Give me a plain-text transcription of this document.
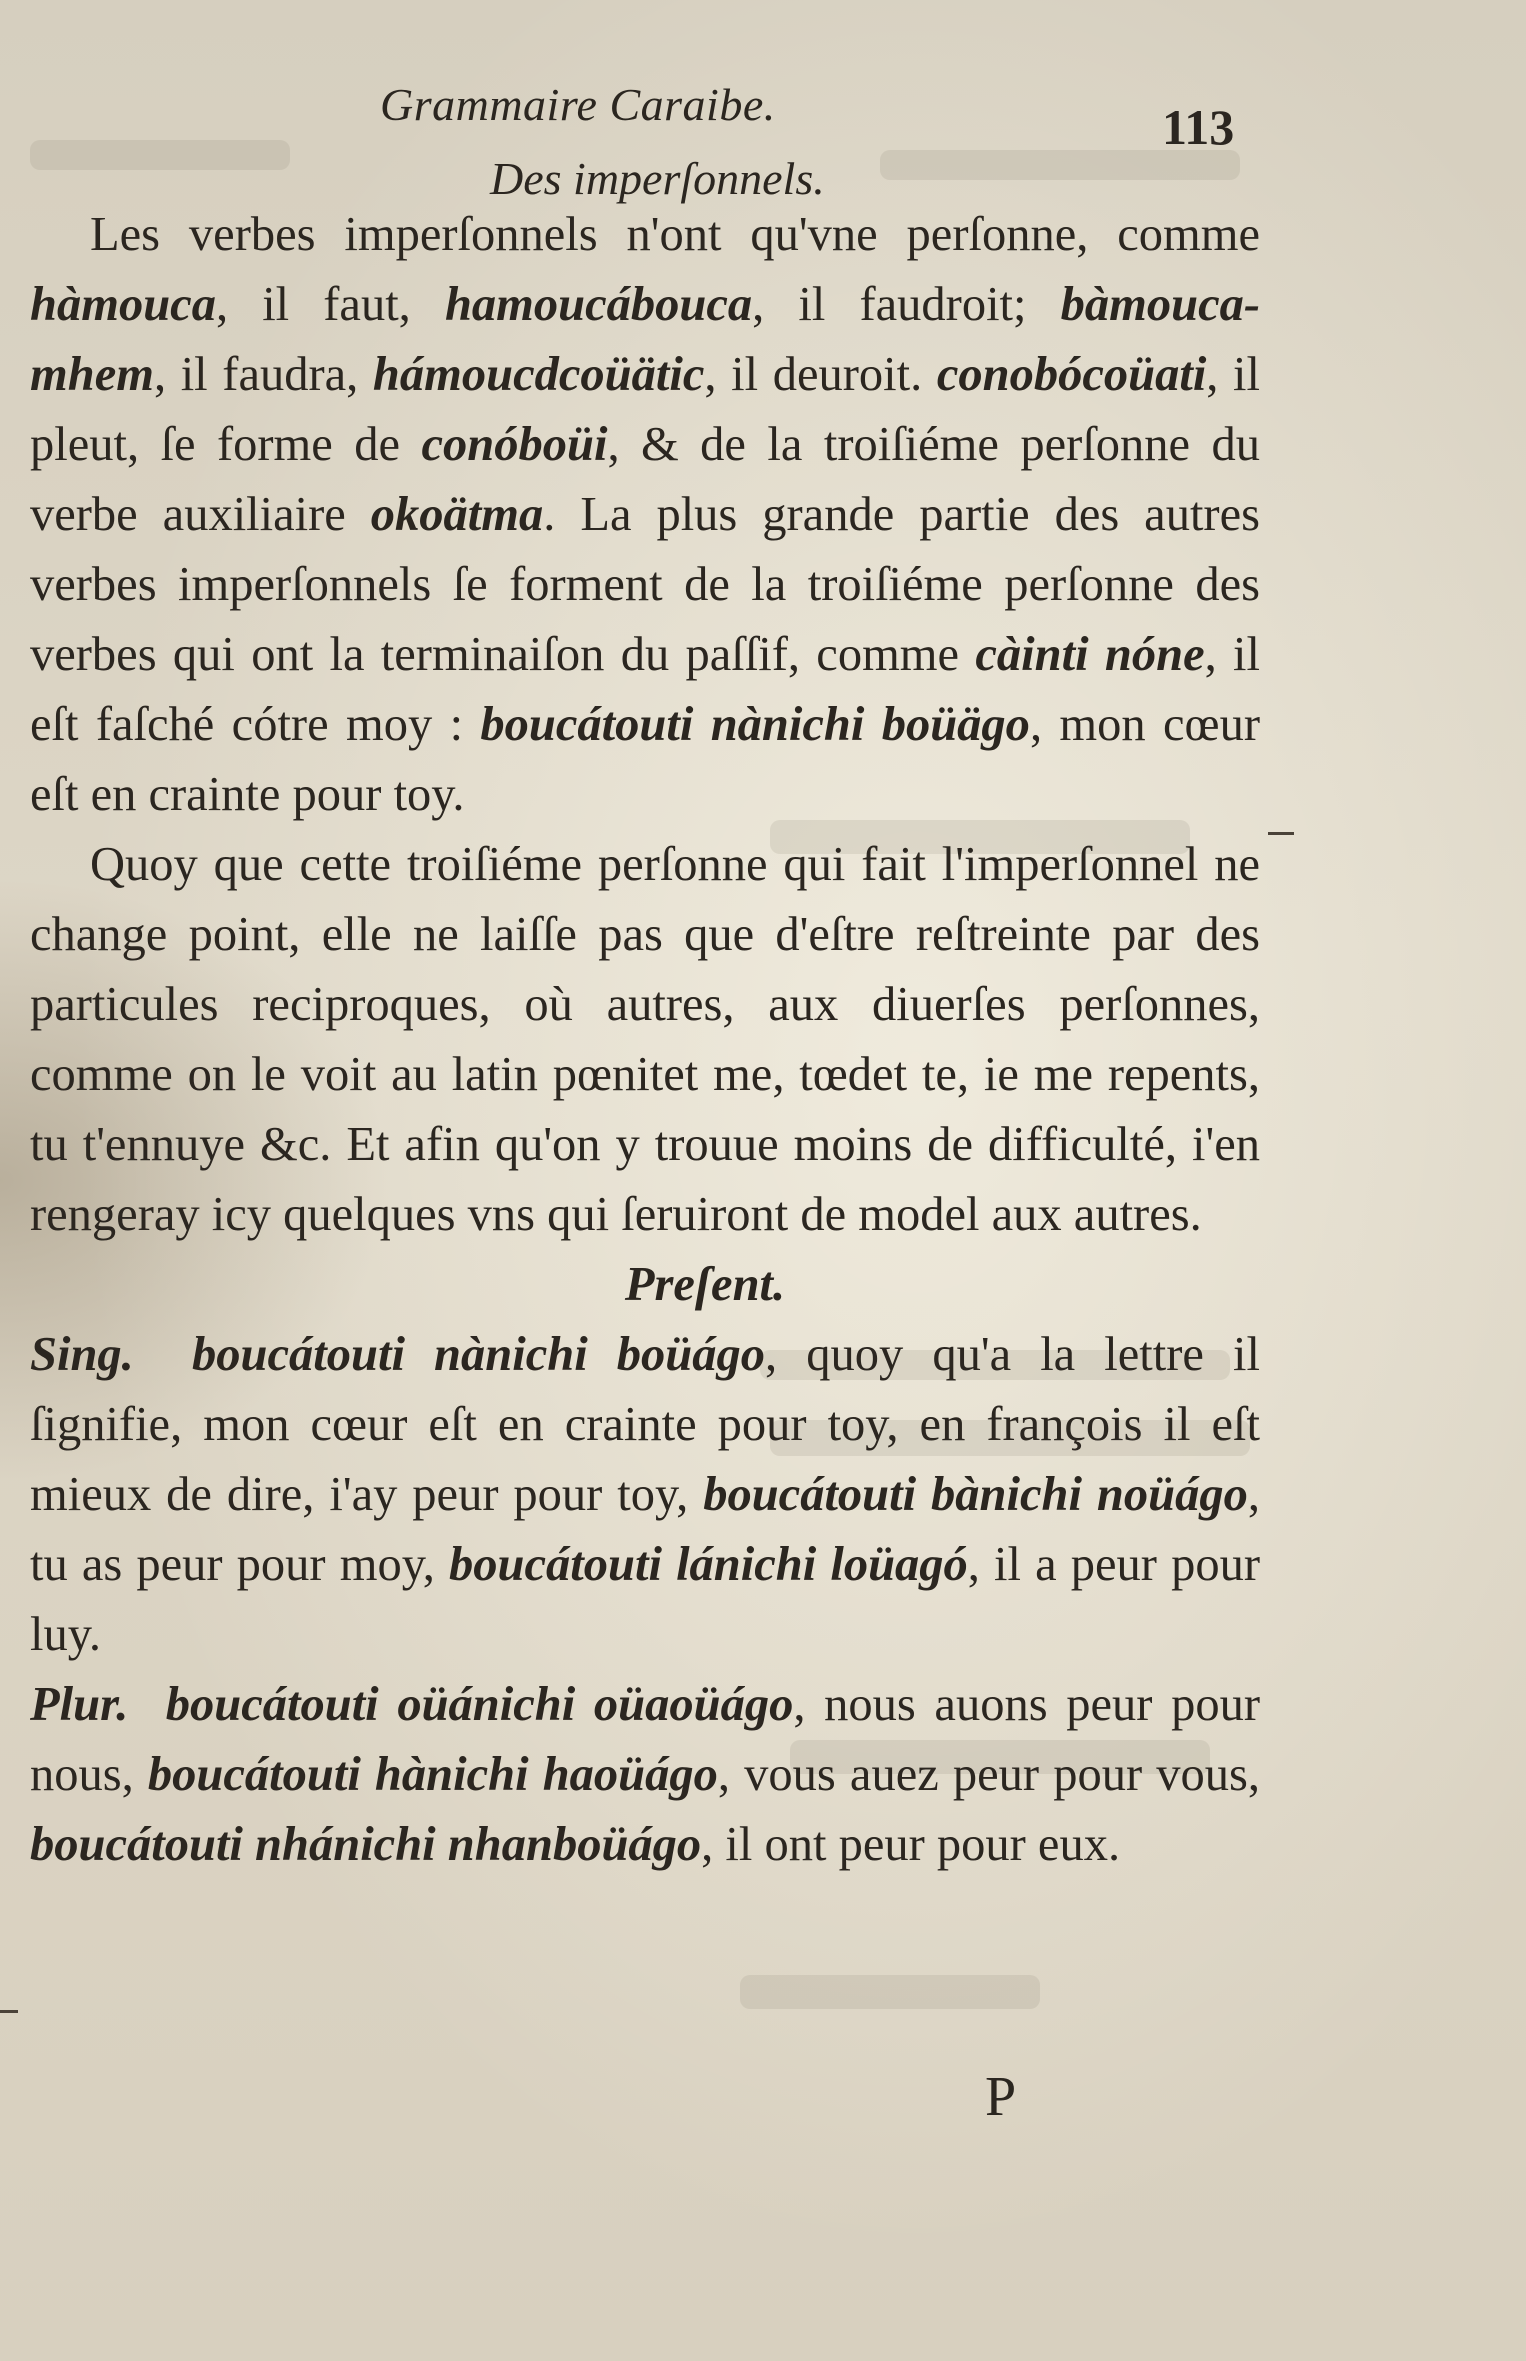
Grammaire Caraibe.	113
Des imperſonnels.

Les verbes imperſonnels n'ont qu'vne perſonne, comme hàmouca, il faut, hamoucábouca, il faudroit; bàmouca-mhem, il faudra, hámoucdcoüätic, il deuroit. conobócoüati, il pleut, ſe forme de conóboüi, & de la troiſiéme perſonne du verbe auxiliaire okoätma. La plus grande partie des autres verbes imperſonnels ſe forment de la troiſiéme perſonne des verbes qui ont la terminaiſon du paſſif, comme càinti nóne, il eſt faſché cótre moy : boucátouti nànichi boüägo, mon cœur eſt en crainte pour toy.

Quoy que cette troiſiéme perſonne qui fait l'imperſonnel ne change point, elle ne laiſſe pas que d'eſtre reſtreinte par des particules reciproques, où autres, aux diuerſes perſonnes, comme on le voit au latin pœnitet me, tœdet te, ie me repents, tu t'ennuye &c. Et afin qu'on y trouue moins de difficulté, i'en rengeray icy quelques vns qui ſeruiront de model aux autres.

Preſent.

Sing. boucátouti nànichi boüágo, quoy qu'a la lettre il ſignifie, mon cœur eſt en crainte pour toy, en françois il eſt mieux de dire, i'ay peur pour toy, boucátouti bànichi noüágo, tu as peur pour moy, boucátouti lánichi loüagó, il a peur pour luy.

Plur. boucátouti oüánichi oüaoüágo, nous auons peur pour nous, boucátouti hànichi haoüágo, vous auez peur pour vous, boucátouti nhánichi nhanboüágo, il ont peur pour eux.

P
